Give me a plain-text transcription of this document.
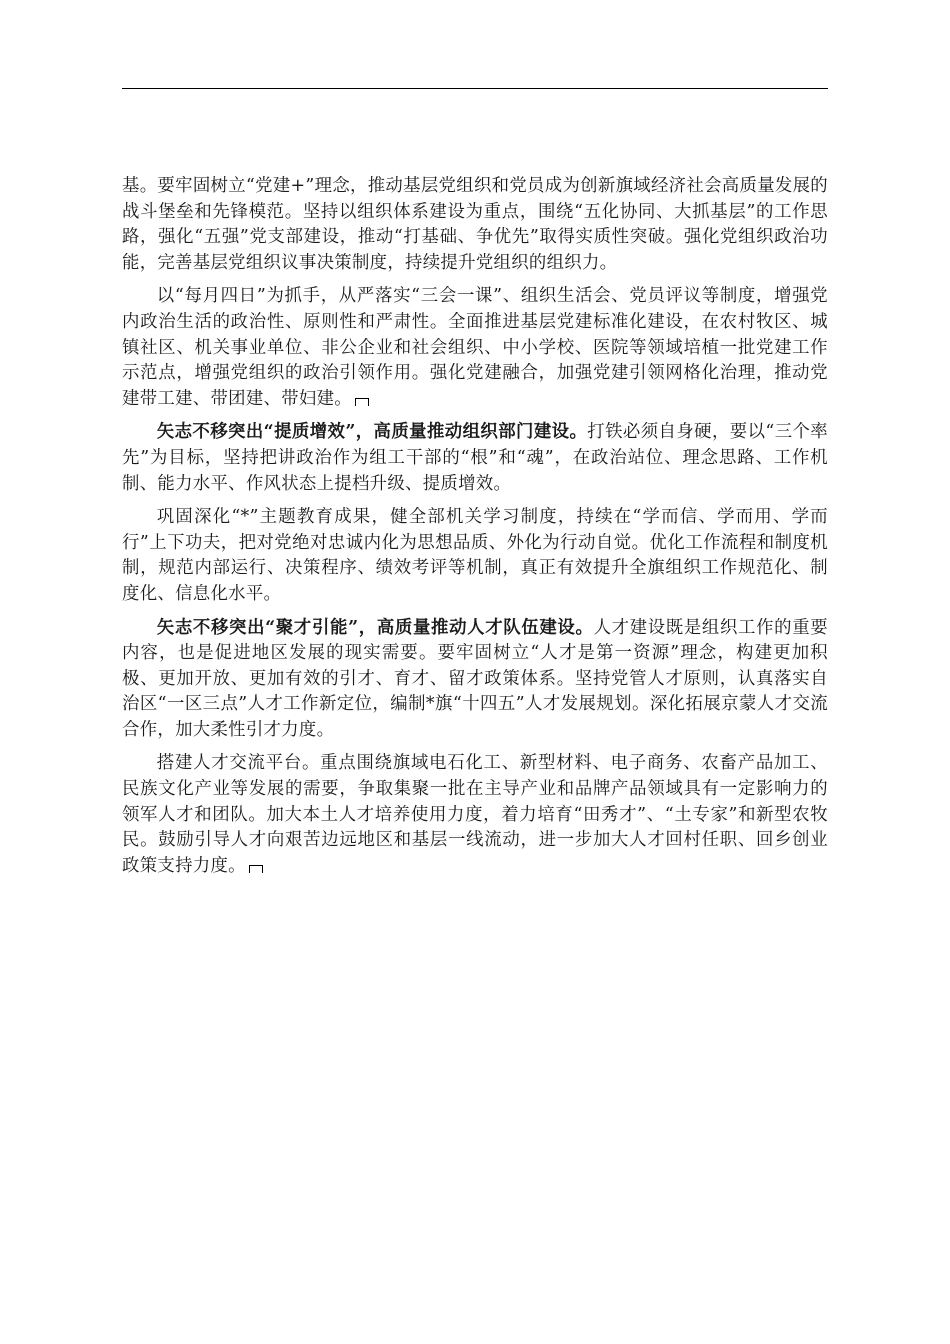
基。要牢固树立“党建+”理念，推动基层党组织和党员成为创新旗域经济社会高质量发展的战斗堡垒和先锋模范。坚持以组织体系建设为重点，围绕“五化协同、大抓基层”的工作思路，强化“五强”党支部建设，推动“打基础、争优先”取得实质性突破。强化党组织政治功能，完善基层党组织议事决策制度，持续提升党组织的组织力。

以“每月四日”为抓手，从严落实“三会一课”、组织生活会、党员评议等制度，增强党内政治生活的政治性、原则性和严肃性。全面推进基层党建标准化建设，在农村牧区、城镇社区、机关事业单位、非公企业和社会组织、中小学校、医院等领域培植一批党建工作示范点，增强党组织的政治引领作用。强化党建融合，加强党建引领网格化治理，推动党建带工建、带团建、带妇建。

矢志不移突出“提质增效”，高质量推动组织部门建设。打铁必须自身硬，要以“三个率先”为目标，坚持把讲政治作为组工干部的“根”和“魂”，在政治站位、理念思路、工作机制、能力水平、作风状态上提档升级、提质增效。

巩固深化“*”主题教育成果，健全部机关学习制度，持续在“学而信、学而用、学而行”上下功夫，把对党绝对忠诚内化为思想品质、外化为行动自觉。优化工作流程和制度机制，规范内部运行、决策程序、绩效考评等机制，真正有效提升全旗组织工作规范化、制度化、信息化水平。

矢志不移突出“聚才引能”，高质量推动人才队伍建设。人才建设既是组织工作的重要内容，也是促进地区发展的现实需要。要牢固树立“人才是第一资源”理念，构建更加积极、更加开放、更加有效的引才、育才、留才政策体系。坚持党管人才原则，认真落实自治区“一区三点”人才工作新定位，编制*旗“十四五”人才发展规划。深化拓展京蒙人才交流合作，加大柔性引才力度。

搭建人才交流平台。重点围绕旗域电石化工、新型材料、电子商务、农畜产品加工、民族文化产业等发展的需要，争取集聚一批在主导产业和品牌产品领域具有一定影响力的领军人才和团队。加大本土人才培养使用力度，着力培育“田秀才”、“土专家”和新型农牧民。鼓励引导人才向艰苦边远地区和基层一线流动，进一步加大人才回村任职、回乡创业政策支持力度。
